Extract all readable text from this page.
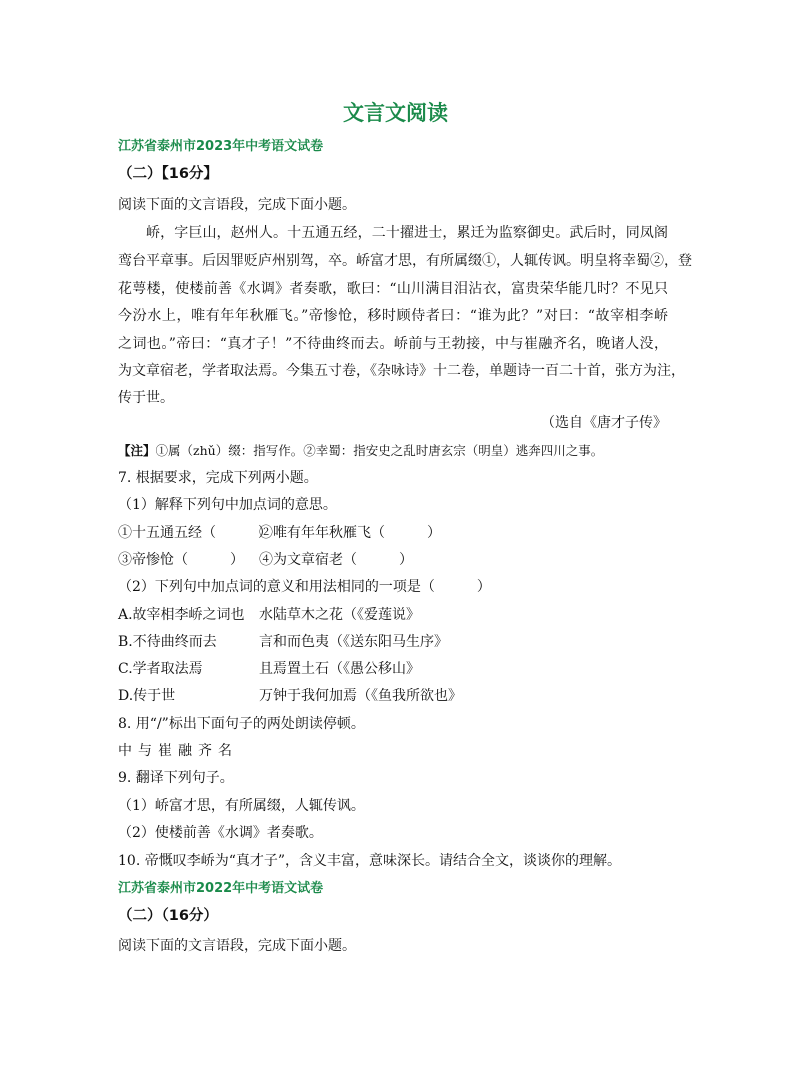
文言文阅读
江苏省泰州市2023年中考语文试卷
（二）【16分】
阅读下面的文言语段，完成下面小题。
峤，字巨山，赵州人。十五通五经，二十擢进士，累迁为监察御史。武后时，同凤阁
鸾台平章事。后因罪贬庐州别驾，卒。峤富才思，有所属缀①，人辄传讽。明皇将幸蜀②，登
花萼楼，使楼前善《水调》者奏歌，歌曰：“山川满目泪沾衣，富贵荣华能几时？不见只
今汾水上，唯有年年秋雁飞。”帝惨怆，移时顾侍者曰：“谁为此？”对曰：“故宰相李峤
之词也。”帝曰：“真才子！”不待曲终而去。峤前与王勃接，中与崔融齐名，晚诸人没，
为文章宿老，学者取法焉。今集五寸卷，《杂咏诗》十二卷，单题诗一百二十首，张方为注，
传于世。
（选自《唐才子传》
【注】①属（zhǔ）缀：指写作。②幸蜀：指安史之乱时唐玄宗（明皇）逃奔四川之事。
7. 根据要求，完成下列两小题。
（1）解释下列句中加点词的意思。
①十五通五经（　　　）
②唯有年年秋雁飞（　　　）
③帝惨怆（　　　） ④为文章宿老（　　　）
（2）下列句中加点词的意义和用法相同的一项是（　　　）
A.故宰相李峤之词也 水陆草木之花（《爱莲说》
B.不待曲终而去	言和而色夷（《送东阳马生序》
C.学者取法焉	且焉置土石（《愚公移山》
D.传于世	万钟于我何加焉（《鱼我所欲也》
8. 用“/”标出下面句子的两处朗读停顿。
中与崔融齐名
9. 翻译下列句子。
（1）峤富才思，有所属缀，人辄传讽。
（2）使楼前善《水调》者奏歌。
10. 帝慨叹李峤为“真才子”，含义丰富，意味深长。请结合全文，谈谈你的理解。
江苏省泰州市2022年中考语文试卷
（二）（16分）
阅读下面的文言语段，完成下面小题。
